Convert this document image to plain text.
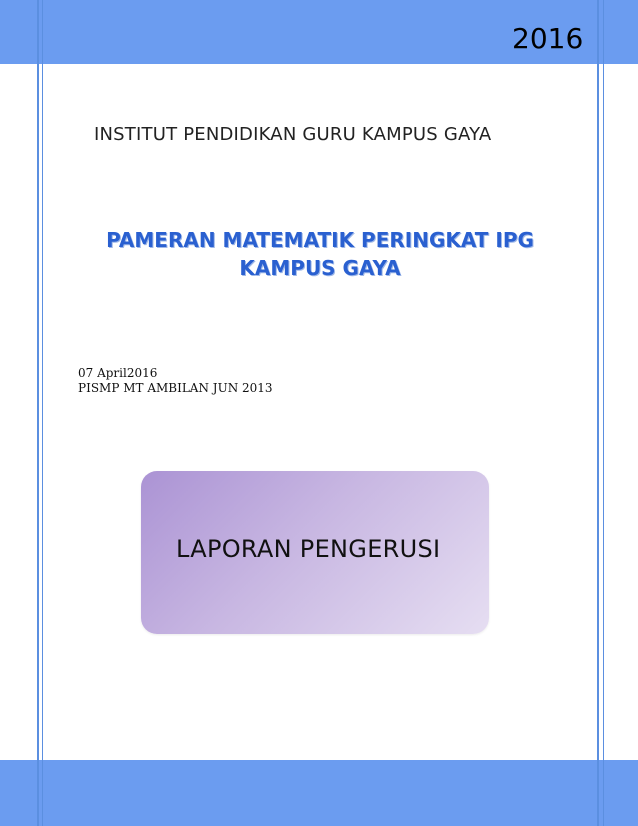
2016
INSTITUT PENDIDIKAN GURU KAMPUS GAYA
PAMERAN MATEMATIK PERINGKAT IPG
KAMPUS GAYA
07 April2016
PISMP MT AMBILAN JUN 2013
LAPORAN PENGERUSI
